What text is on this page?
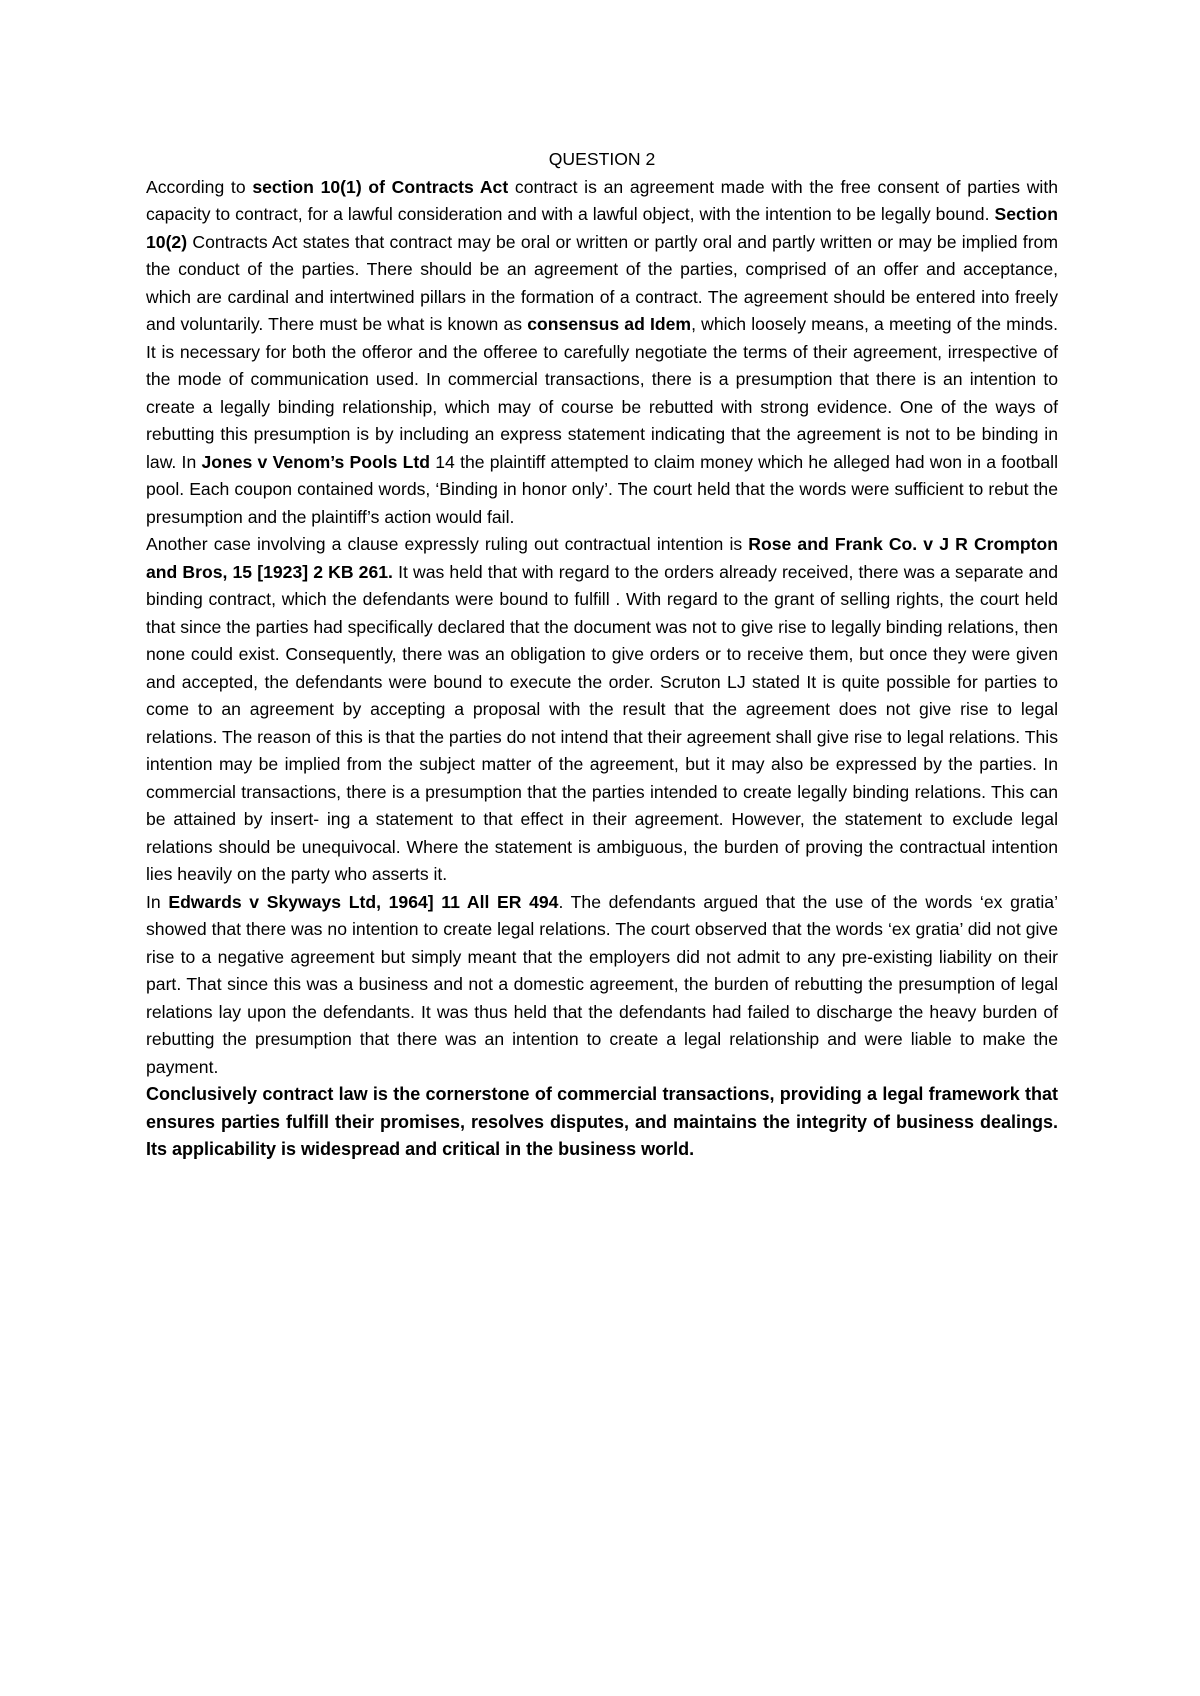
QUESTION 2

According to section 10(1) of Contracts Act contract is an agreement made with the free consent of parties with capacity to contract, for a lawful consideration and with a lawful object, with the intention to be legally bound. Section 10(2) Contracts Act states that contract may be oral or written or partly oral and partly written or may be implied from the conduct of the parties. There should be an agreement of the parties, comprised of an offer and acceptance, which are cardinal and intertwined pillars in the formation of a contract. The agreement should be entered into freely and voluntarily. There must be what is known as consensus ad Idem, which loosely means, a meeting of the minds. It is necessary for both the offeror and the offeree to carefully negotiate the terms of their agreement, irrespective of the mode of communication used. In commercial transactions, there is a presumption that there is an intention to create a legally binding relationship, which may of course be rebutted with strong evidence. One of the ways of rebutting this presumption is by including an express statement indicating that the agreement is not to be binding in law. In Jones v Venom’s Pools Ltd 14 the plaintiff attempted to claim money which he alleged had won in a football pool. Each coupon contained words, ‘Binding in honor only’. The court held that the words were sufficient to rebut the presumption and the plaintiff’s action would fail.

Another case involving a clause expressly ruling out contractual intention is Rose and Frank Co. v J R Crompton and Bros, 15 [1923] 2 KB 261. It was held that with regard to the orders already received, there was a separate and binding contract, which the defendants were bound to fulfill . With regard to the grant of selling rights, the court held that since the parties had specifically declared that the document was not to give rise to legally binding relations, then none could exist. Consequently, there was an obligation to give orders or to receive them, but once they were given and accepted, the defendants were bound to execute the order. Scruton LJ stated It is quite possible for parties to come to an agreement by accepting a proposal with the result that the agreement does not give rise to legal relations. The reason of this is that the parties do not intend that their agreement shall give rise to legal relations. This intention may be implied from the subject matter of the agreement, but it may also be expressed by the parties. In commercial transactions, there is a presumption that the parties intended to create legally binding relations. This can be attained by insert- ing a statement to that effect in their agreement. However, the statement to exclude legal relations should be unequivocal. Where the statement is ambiguous, the burden of proving the contractual intention lies heavily on the party who asserts it.

In Edwards v Skyways Ltd, 1964] 11 All ER 494. The defendants argued that the use of the words ‘ex gratia’ showed that there was no intention to create legal relations. The court observed that the words ‘ex gratia’ did not give rise to a negative agreement but simply meant that the employers did not admit to any pre-existing liability on their part. That since this was a business and not a domestic agreement, the burden of rebutting the presumption of legal relations lay upon the defendants. It was thus held that the defendants had failed to discharge the heavy burden of rebutting the presumption that there was an intention to create a legal relationship and were liable to make the payment.

Conclusively contract law is the cornerstone of commercial transactions, providing a legal framework that ensures parties fulfill their promises, resolves disputes, and maintains the integrity of business dealings. Its applicability is widespread and critical in the business world.
